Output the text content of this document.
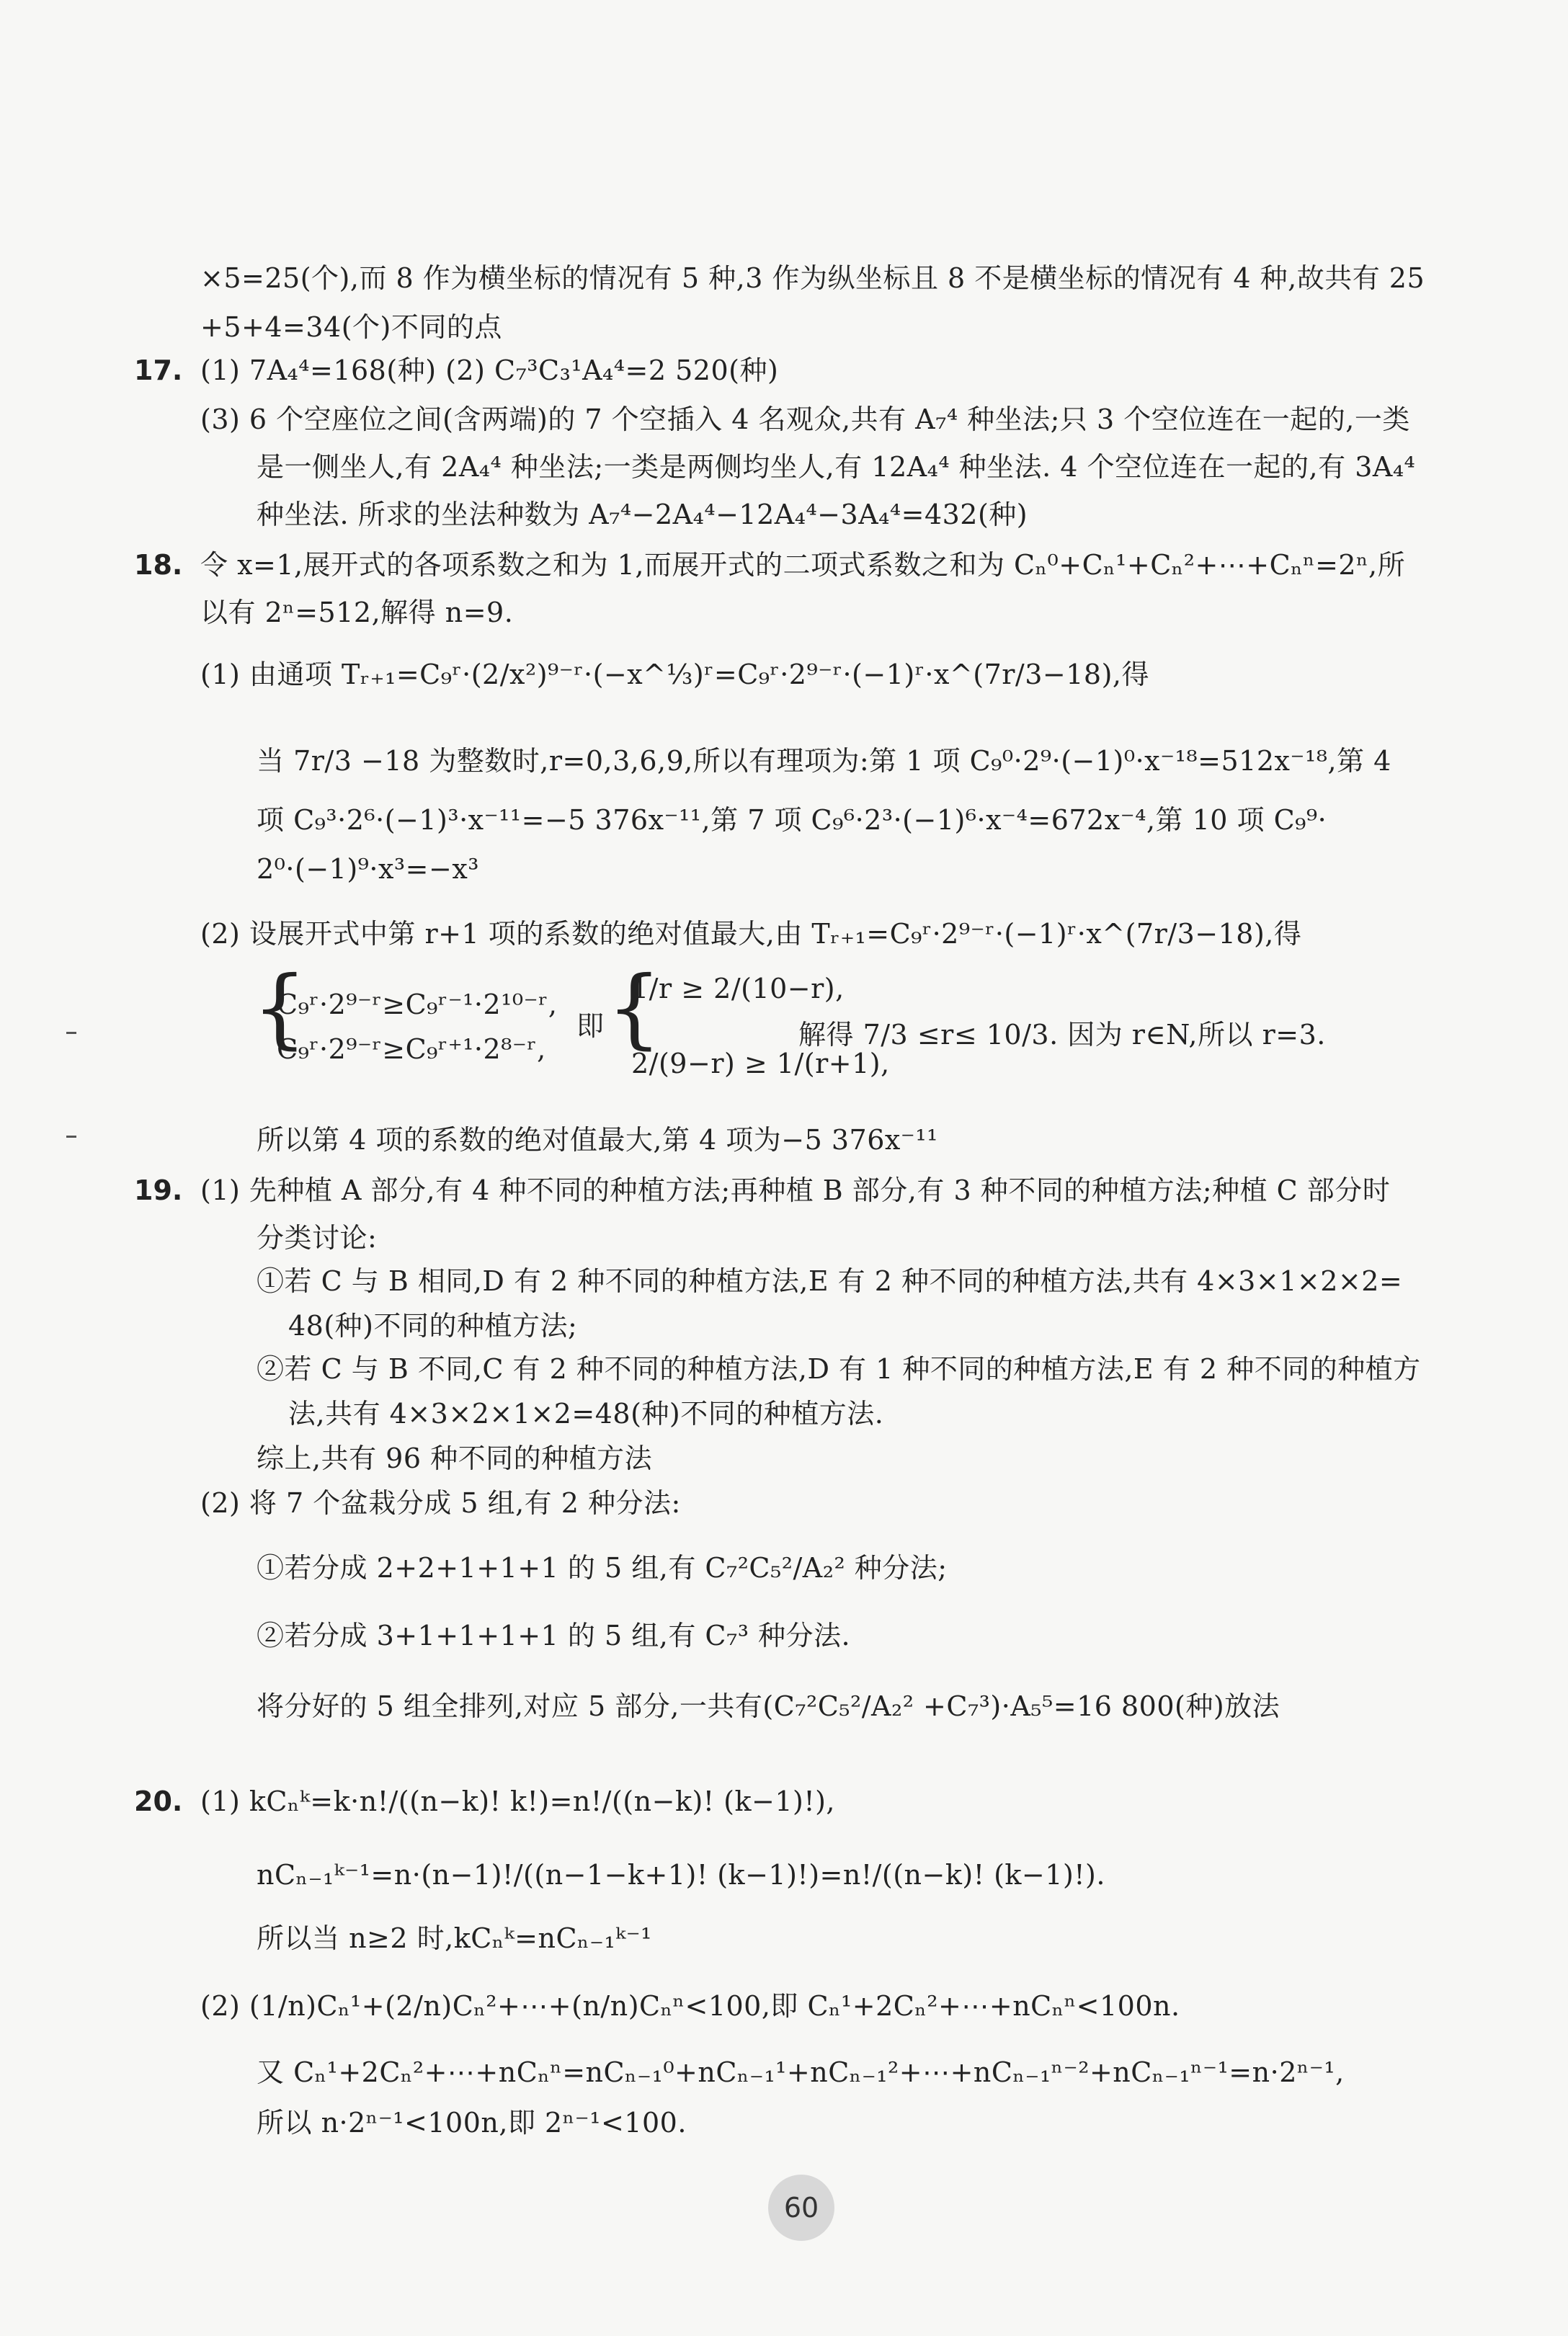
×5=25(个),而 8 作为横坐标的情况有 5 种,3 作为纵坐标且 8 不是横坐标的情况有 4 种,故共有 25
+5+4=34(个)不同的点
17. (1) 7A₄⁴=168(种) (2) C₇³C₃¹A₄⁴=2 520(种)
(3) 6 个空座位之间(含两端)的 7 个空插入 4 名观众,共有 A₇⁴ 种坐法;只 3 个空位连在一起的,一类
是一侧坐人,有 2A₄⁴ 种坐法;一类是两侧均坐人,有 12A₄⁴ 种坐法. 4 个空位连在一起的,有 3A₄⁴
种坐法. 所求的坐法种数为 A₇⁴−2A₄⁴−12A₄⁴−3A₄⁴=432(种)
18. 令 x=1,展开式的各项系数之和为 1,而展开式的二项式系数之和为 Cₙ⁰+Cₙ¹+Cₙ²+⋯+Cₙⁿ=2ⁿ,所
以有 2ⁿ=512,解得 n=9.
(1) 由通项 Tᵣ₊₁=C₉ʳ·(2/x²)⁹⁻ʳ·(−x^⅓)ʳ=C₉ʳ·2⁹⁻ʳ·(−1)ʳ·x^(7r/3−18),得
当 7r/3 −18 为整数时,r=0,3,6,9,所以有理项为:第 1 项 C₉⁰·2⁹·(−1)⁰·x⁻¹⁸=512x⁻¹⁸,第 4
项 C₉³·2⁶·(−1)³·x⁻¹¹=−5 376x⁻¹¹,第 7 项 C₉⁶·2³·(−1)⁶·x⁻⁴=672x⁻⁴,第 10 项 C₉⁹·
2⁰·(−1)⁹·x³=−x³
(2) 设展开式中第 r+1 项的系数的绝对值最大,由 Tᵣ₊₁=C₉ʳ·2⁹⁻ʳ·(−1)ʳ·x^(7r/3−18),得
{
C₉ʳ·2⁹⁻ʳ≥C₉ʳ⁻¹·2¹⁰⁻ʳ,
C₉ʳ·2⁹⁻ʳ≥C₉ʳ⁺¹·2⁸⁻ʳ,
即 {
1/r ≥ 2/(10−r),
2/(9−r) ≥ 1/(r+1),
解得 7/3 ≤r≤ 10/3. 因为 r∈N,所以 r=3.
所以第 4 项的系数的绝对值最大,第 4 项为−5 376x⁻¹¹
19. (1) 先种植 A 部分,有 4 种不同的种植方法;再种植 B 部分,有 3 种不同的种植方法;种植 C 部分时
分类讨论:
①若 C 与 B 相同,D 有 2 种不同的种植方法,E 有 2 种不同的种植方法,共有 4×3×1×2×2=
48(种)不同的种植方法;
②若 C 与 B 不同,C 有 2 种不同的种植方法,D 有 1 种不同的种植方法,E 有 2 种不同的种植方
法,共有 4×3×2×1×2=48(种)不同的种植方法.
综上,共有 96 种不同的种植方法
(2) 将 7 个盆栽分成 5 组,有 2 种分法:
①若分成 2+2+1+1+1 的 5 组,有 C₇²C₅²/A₂² 种分法;
②若分成 3+1+1+1+1 的 5 组,有 C₇³ 种分法.
将分好的 5 组全排列,对应 5 部分,一共有(C₇²C₅²/A₂² +C₇³)·A₅⁵=16 800(种)放法
20. (1) kCₙᵏ=k·n!/((n−k)! k!)=n!/((n−k)! (k−1)!),
nCₙ₋₁ᵏ⁻¹=n·(n−1)!/((n−1−k+1)! (k−1)!)=n!/((n−k)! (k−1)!).
所以当 n≥2 时,kCₙᵏ=nCₙ₋₁ᵏ⁻¹
(2) (1/n)Cₙ¹+(2/n)Cₙ²+⋯+(n/n)Cₙⁿ<100,即 Cₙ¹+2Cₙ²+⋯+nCₙⁿ<100n.
又 Cₙ¹+2Cₙ²+⋯+nCₙⁿ=nCₙ₋₁⁰+nCₙ₋₁¹+nCₙ₋₁²+⋯+nCₙ₋₁ⁿ⁻²+nCₙ₋₁ⁿ⁻¹=n·2ⁿ⁻¹,
所以 n·2ⁿ⁻¹<100n,即 2ⁿ⁻¹<100.
60
